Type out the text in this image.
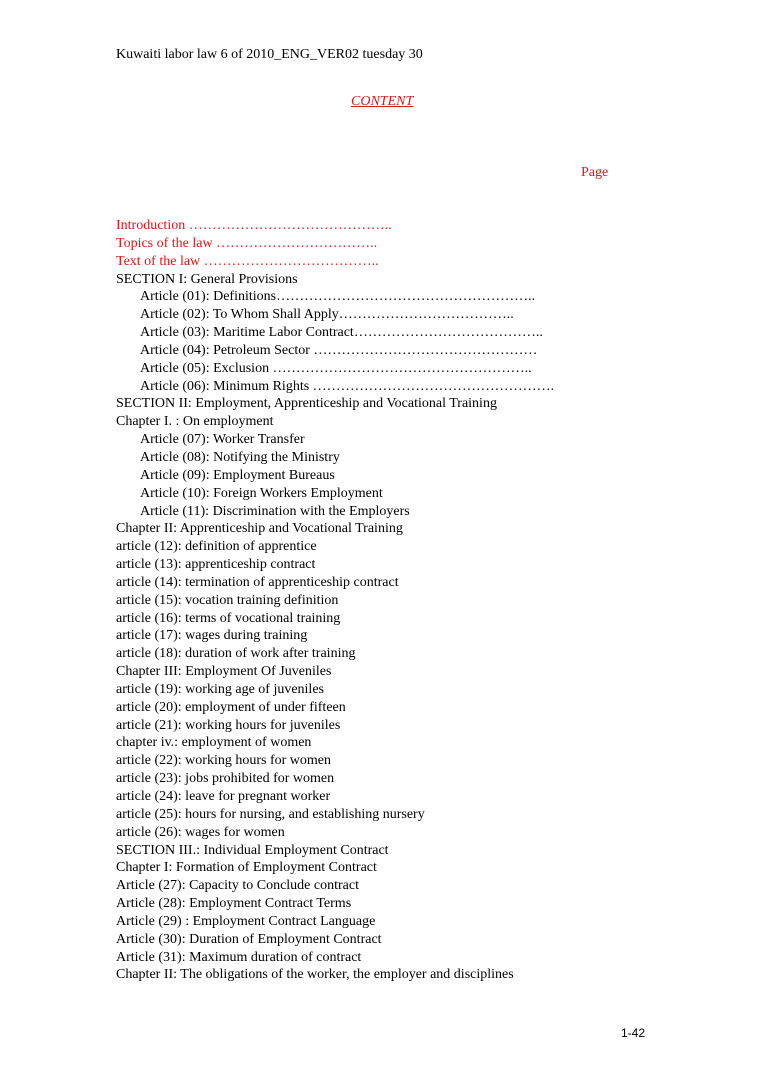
Kuwaiti labor law 6 of 2010_ENG_VER02 tuesday 30
CONTENT
Page
Introduction ……………………………………..
Topics of the law ……………………………..
Text of the law ………………………………..
SECTION I: General Provisions
Article (01): Definitions………………………………………………..
Article (02): To Whom Shall Apply………………………………..
Article (03): Maritime Labor Contract…………………………………..
Article (04): Petroleum Sector …………………………………………
Article (05): Exclusion ………………………………………………..
Article (06): Minimum Rights …………………………………………….
SECTION II: Employment, Apprenticeship and Vocational Training
Chapter I. : On employment
Article (07): Worker Transfer
Article (08): Notifying the Ministry
Article (09): Employment Bureaus
Article (10): Foreign Workers Employment
Article (11): Discrimination with the Employers
Chapter II: Apprenticeship and Vocational Training
article (12): definition of apprentice
article (13): apprenticeship contract
article (14): termination of apprenticeship contract
article (15): vocation training definition
article (16): terms of vocational training
article (17): wages during training
article (18): duration of work after training
Chapter III: Employment Of Juveniles
article (19): working age of juveniles
article (20): employment of under fifteen
article (21): working hours for juveniles
chapter iv.: employment of women
article (22): working hours for women
article (23): jobs prohibited for women
article (24): leave for pregnant worker
article (25): hours for nursing, and establishing nursery
article (26): wages for women
SECTION III.: Individual Employment Contract
Chapter I: Formation of Employment Contract
Article (27): Capacity to Conclude contract
Article (28): Employment Contract Terms
Article (29) : Employment Contract Language
Article (30): Duration of Employment Contract
Article (31): Maximum duration of contract
Chapter II: The obligations of the worker, the employer and disciplines
1-42
